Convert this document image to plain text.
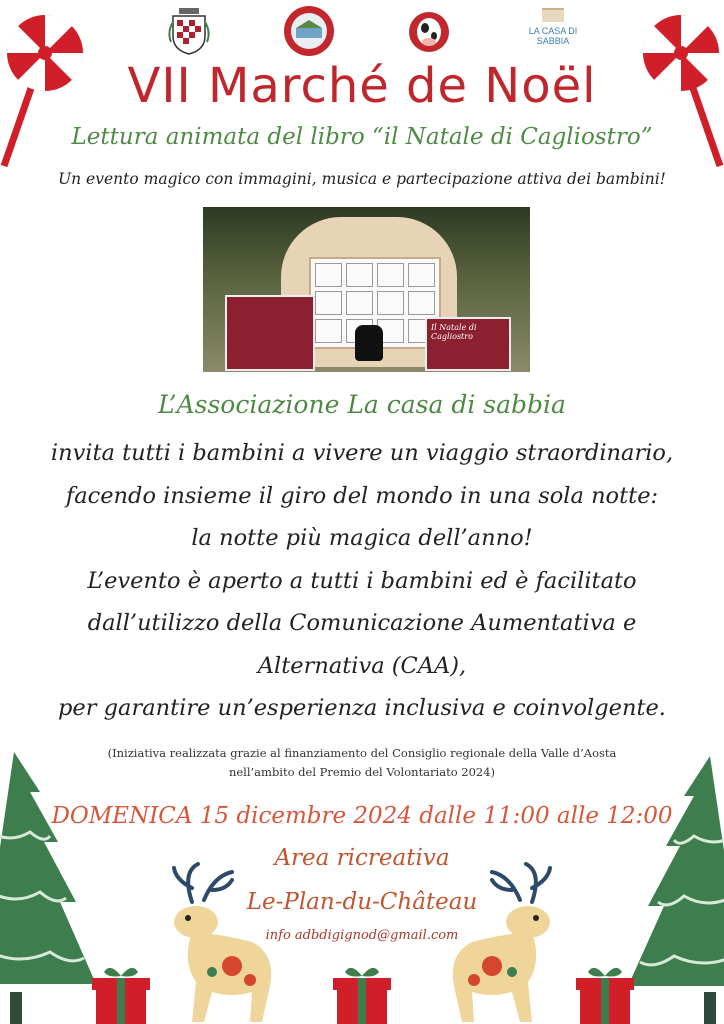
LA CASA DI SABBIA
VII Marché de Noël
Lettura animata del libro “il Natale di Cagliostro”
Un evento magico con immagini, musica e partecipazione attiva dei bambini!
Il Natale di Cagliostro
L’Associazione La casa di sabbia
invita tutti i bambini a vivere un viaggio straordinario,
facendo insieme il giro del mondo in una sola notte:
la notte più magica dell’anno!
L’evento è aperto a tutti i bambini ed è facilitato
dall’utilizzo della Comunicazione Aumentativa e
Alternativa (CAA),
per garantire un’esperienza inclusiva e coinvolgente.
(Iniziativa realizzata grazie al finanziamento del Consiglio regionale della Valle d’Aosta
nell’ambito del Premio del Volontariato 2024)
DOMENICA 15 dicembre 2024 dalle 11:00 alle 12:00
Area ricreativa
Le-Plan-du-Château
info adbdigignod@gmail.com
